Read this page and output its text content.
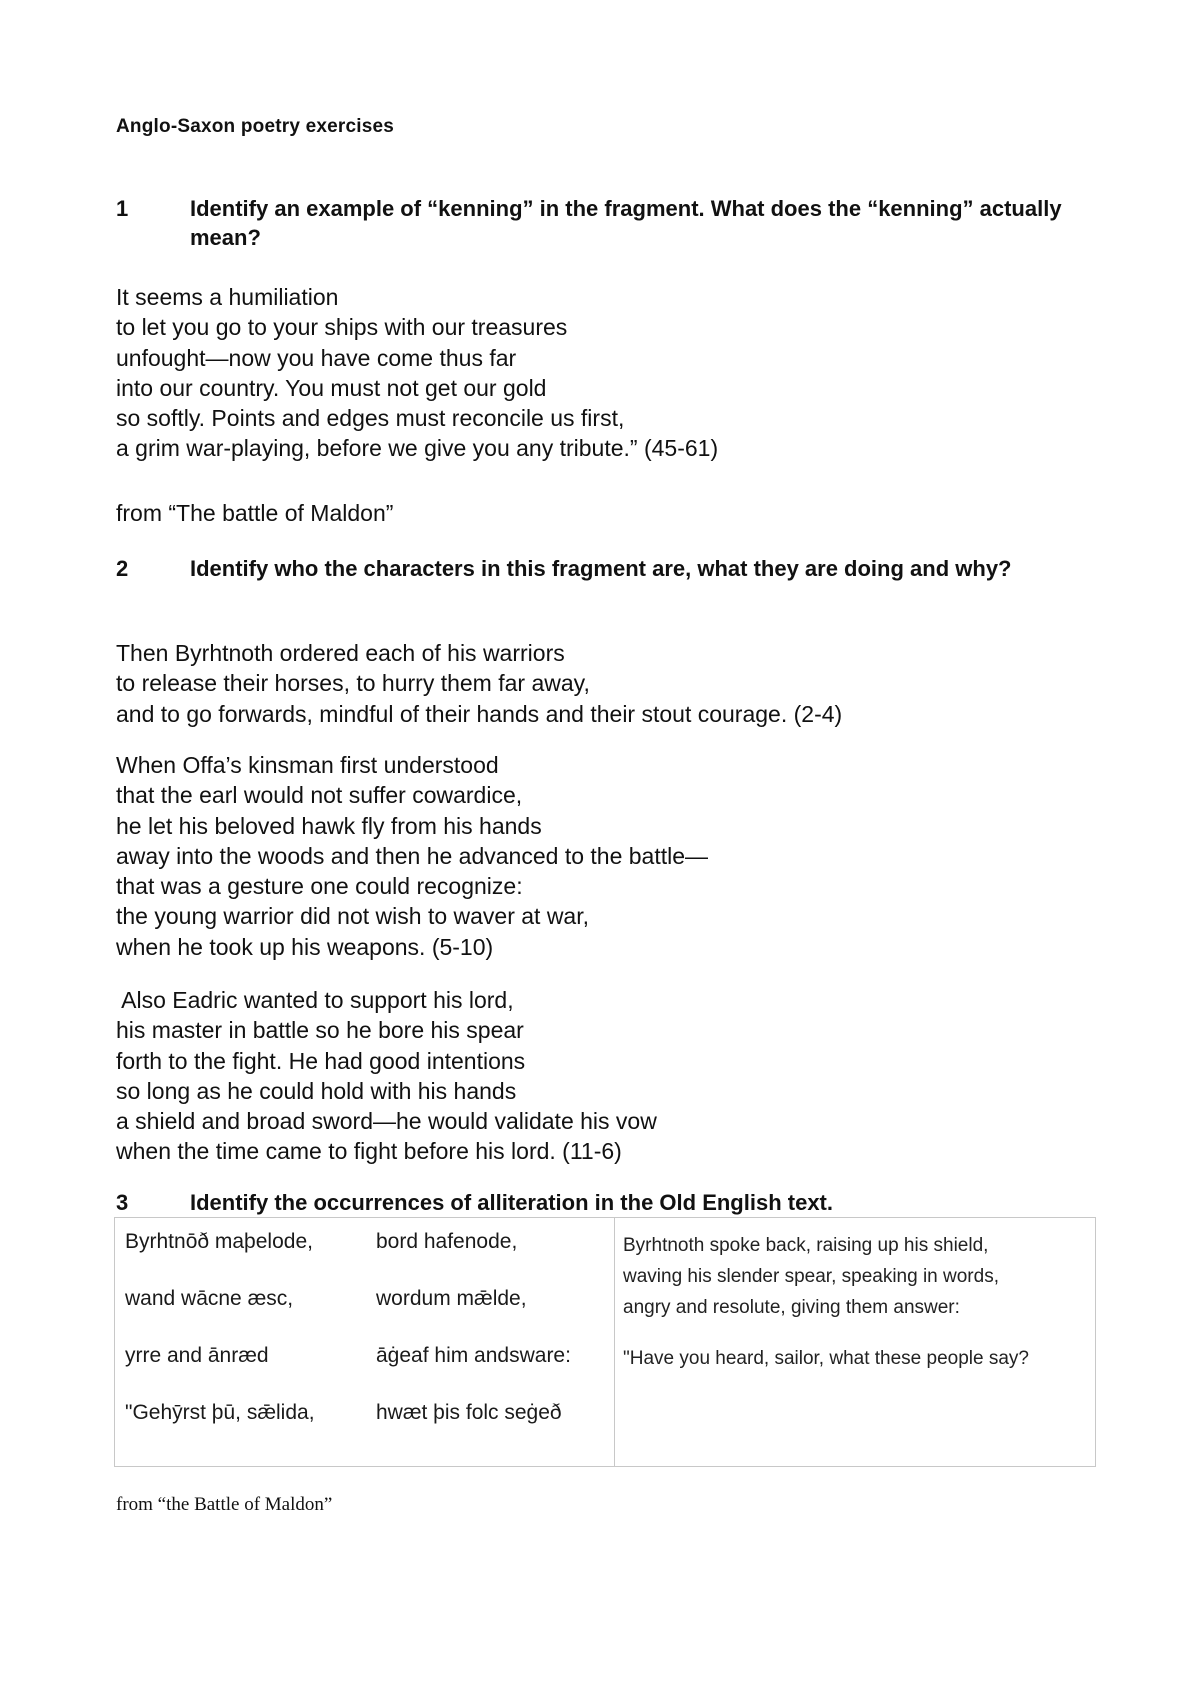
Anglo-Saxon poetry exercises
1	Identify an example of “kenning” in the fragment. What does the “kenning” actually mean?
It seems a humiliation
to let you go to your ships with our treasures
unfought—now you have come thus far
into our country. You must not get our gold
so softly. Points and edges must reconcile us first,
a grim war-playing, before we give you any tribute.” (45-61)
from “The battle of Maldon”
2	Identify who the characters in this fragment are, what they are doing and why?
Then Byrhtnoth ordered each of his warriors
to release their horses, to hurry them far away,
and to go forwards, mindful of their hands and their stout courage. (2-4)
When Offa’s kinsman first understood
that the earl would not suffer cowardice,
he let his beloved hawk fly from his hands
away into the woods and then he advanced to the battle—
that was a gesture one could recognize:
the young warrior did not wish to waver at war,
when he took up his weapons. (5-10)
Also Eadric wanted to support his lord,
his master in battle so he bore his spear
forth to the fight. He had good intentions
so long as he could hold with his hands
a shield and broad sword—he would validate his vow
when the time came to fight before his lord. (11-6)
3	Identify the occurrences of alliteration in the Old English text.
Byrhtnōð maþelode,	bord hafenode,
wand wācne æsc,	wordum mǣlde,
yrre and ānræd	āġeaf him andsware:
"Gehȳrst þū, sǣlida,	hwæt þis folc seġeð

Byrhtnoth spoke back, raising up his shield,
waving his slender spear, speaking in words,
angry and resolute, giving them answer:
"Have you heard, sailor, what these people say?
from “the Battle of Maldon”
